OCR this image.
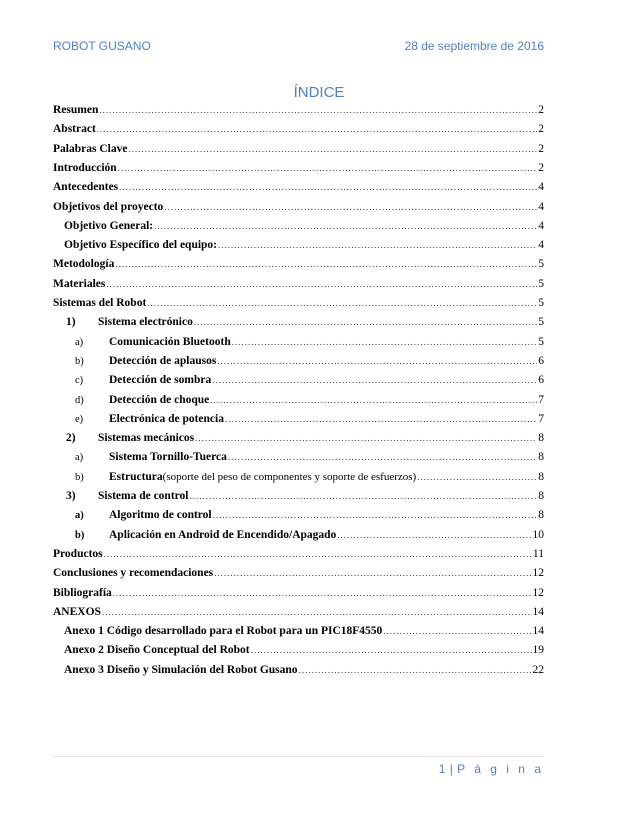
ROBOT GUSANO	28 de septiembre de 2016
ÍNDICE
Resumen .....	2
Abstract .....	2
Palabras Clave .....	2
Introducción .....	2
Antecedentes .....	4
Objetivos del proyecto .....	4
Objetivo General: .....	4
Objetivo Específico del equipo: .....	4
Metodología .....	5
Materiales .....	5
Sistemas del Robot .....	5
1)	Sistema electrónico .....	5
a)	Comunicación Bluetooth .....	5
b)	Detección de aplausos .....	6
c)	Detección de sombra .....	6
d)	Detección de choque .....	7
e)	Electrónica de potencia .....	7
2)	Sistemas mecánicos .....	8
a)	Sistema Tornillo-Tuerca .....	8
b)	Estructura (soporte del peso de componentes y soporte de esfuerzos) .....	8
3)	Sistema de control .....	8
a)	Algoritmo de control .....	8
b)	Aplicación en Android de Encendido/Apagado .....	10
Productos .....	11
Conclusiones y recomendaciones .....	12
Bibliografía .....	12
ANEXOS .....	14
Anexo 1 Código desarrollado para el Robot para un PIC18F4550 .....	14
Anexo 2 Diseño Conceptual del Robot .....	19
Anexo 3 Diseño y Simulación del Robot Gusano .....	22
1 | P á g i n a
